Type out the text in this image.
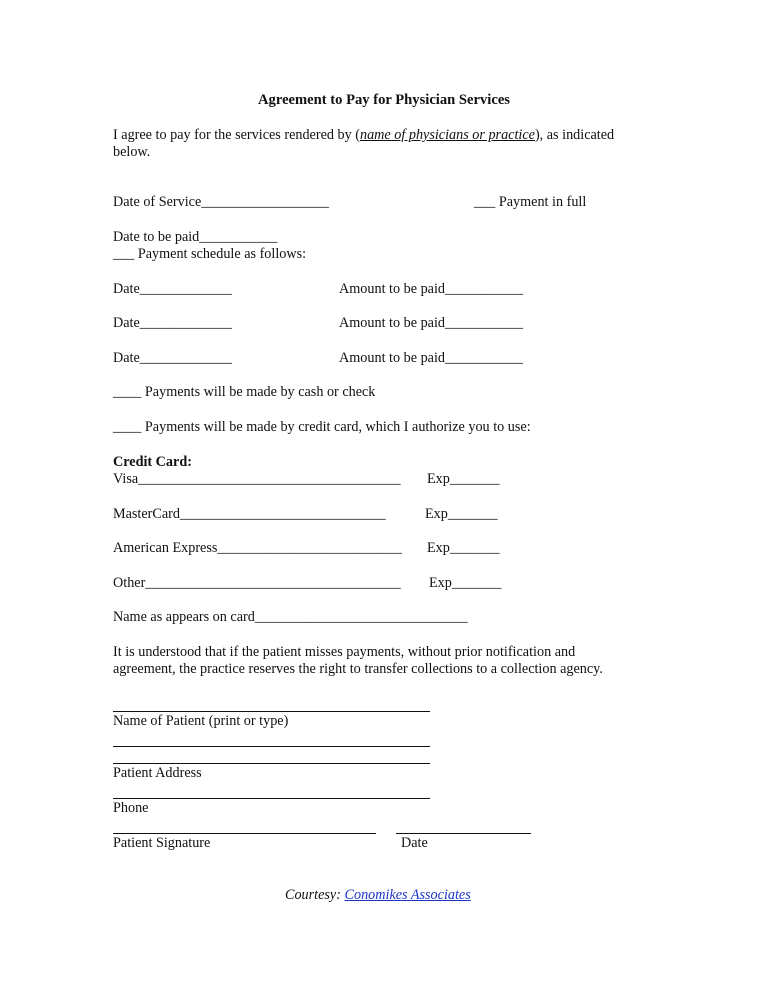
Agreement to Pay for Physician Services
I agree to pay for the services rendered by (name of physicians or practice), as indicated
below.
Date of Service__________________	___ Payment in full
Date to be paid___________
___ Payment schedule as follows:
Date_____________	Amount to be paid___________
Date_____________	Amount to be paid___________
Date_____________	Amount to be paid___________
____ Payments will be made by cash or check
____ Payments will be made by credit card, which I authorize you to use:
Credit Card:
Visa_____________________________________ Exp_______
MasterCard_____________________________	Exp_______
American Express__________________________ Exp_______
Other____________________________________ Exp_______
Name as appears on card______________________________
It is understood that if the patient misses payments, without prior notification and
agreement, the practice reserves the right to transfer collections to a collection agency.
Name of Patient (print or type)
Patient Address
Phone
Patient Signature	Date
Courtesy: Conomikes Associates
